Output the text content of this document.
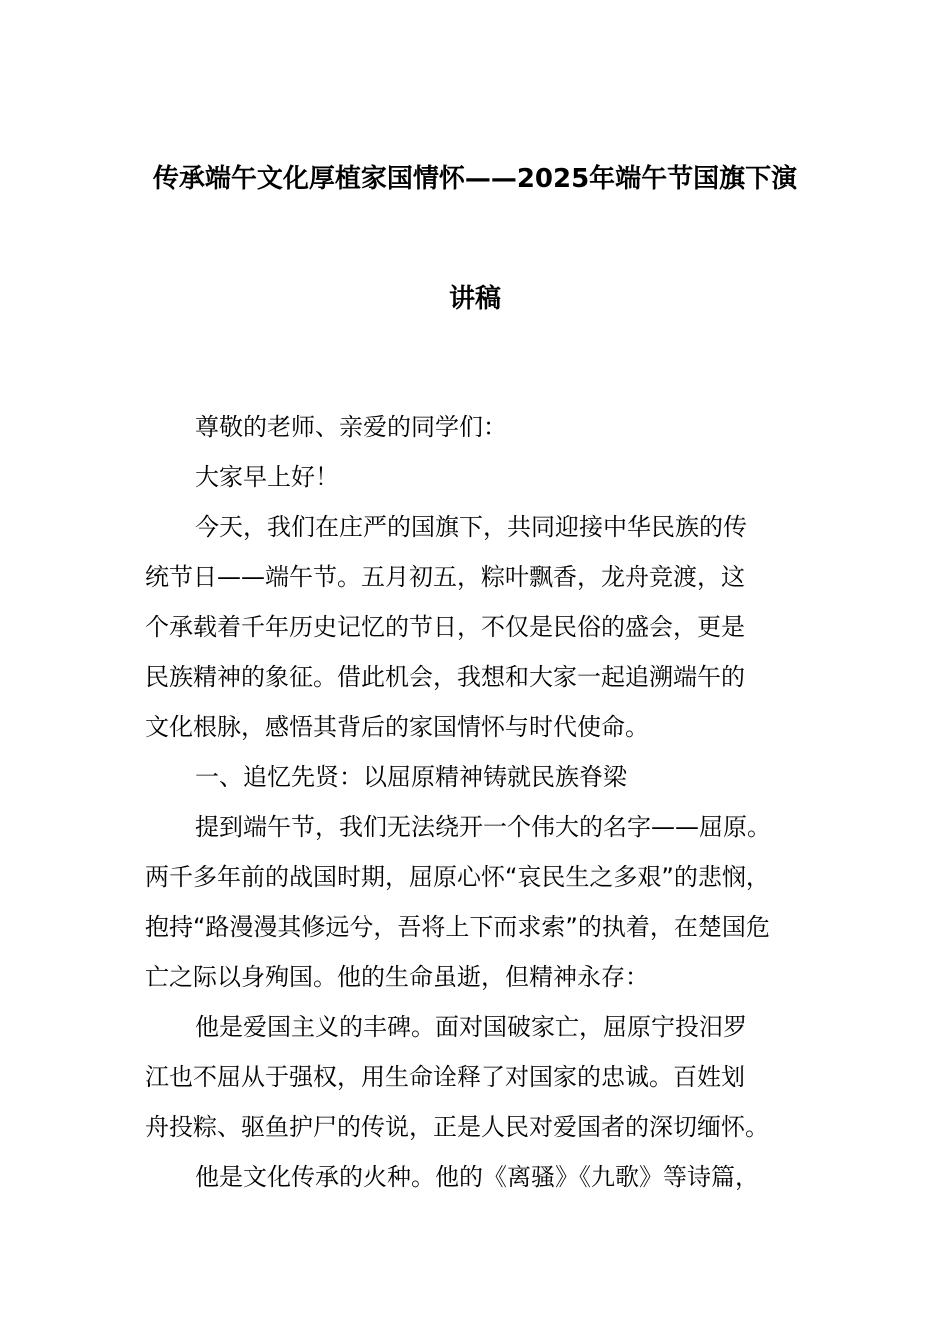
传承端午文化厚植家国情怀——2025年端午节国旗下演
讲稿

尊敬的老师、亲爱的同学们：

大家早上好！

今天，我们在庄严的国旗下，共同迎接中华民族的传
统节日——端午节。五月初五，粽叶飘香，龙舟竞渡，这
个承载着千年历史记忆的节日，不仅是民俗的盛会，更是
民族精神的象征。借此机会，我想和大家一起追溯端午的
文化根脉，感悟其背后的家国情怀与时代使命。

一、追忆先贤：以屈原精神铸就民族脊梁

提到端午节，我们无法绕开一个伟大的名字——屈原。
两千多年前的战国时期，屈原心怀“哀民生之多艰”的悲悯，
抱持“路漫漫其修远兮，吾将上下而求索”的执着，在楚国危
亡之际以身殉国。他的生命虽逝，但精神永存：

他是爱国主义的丰碑。面对国破家亡，屈原宁投汨罗
江也不屈从于强权，用生命诠释了对国家的忠诚。百姓划
舟投粽、驱鱼护尸的传说，正是人民对爱国者的深切缅怀。

他是文化传承的火种。他的《离骚》《九歌》等诗篇，
